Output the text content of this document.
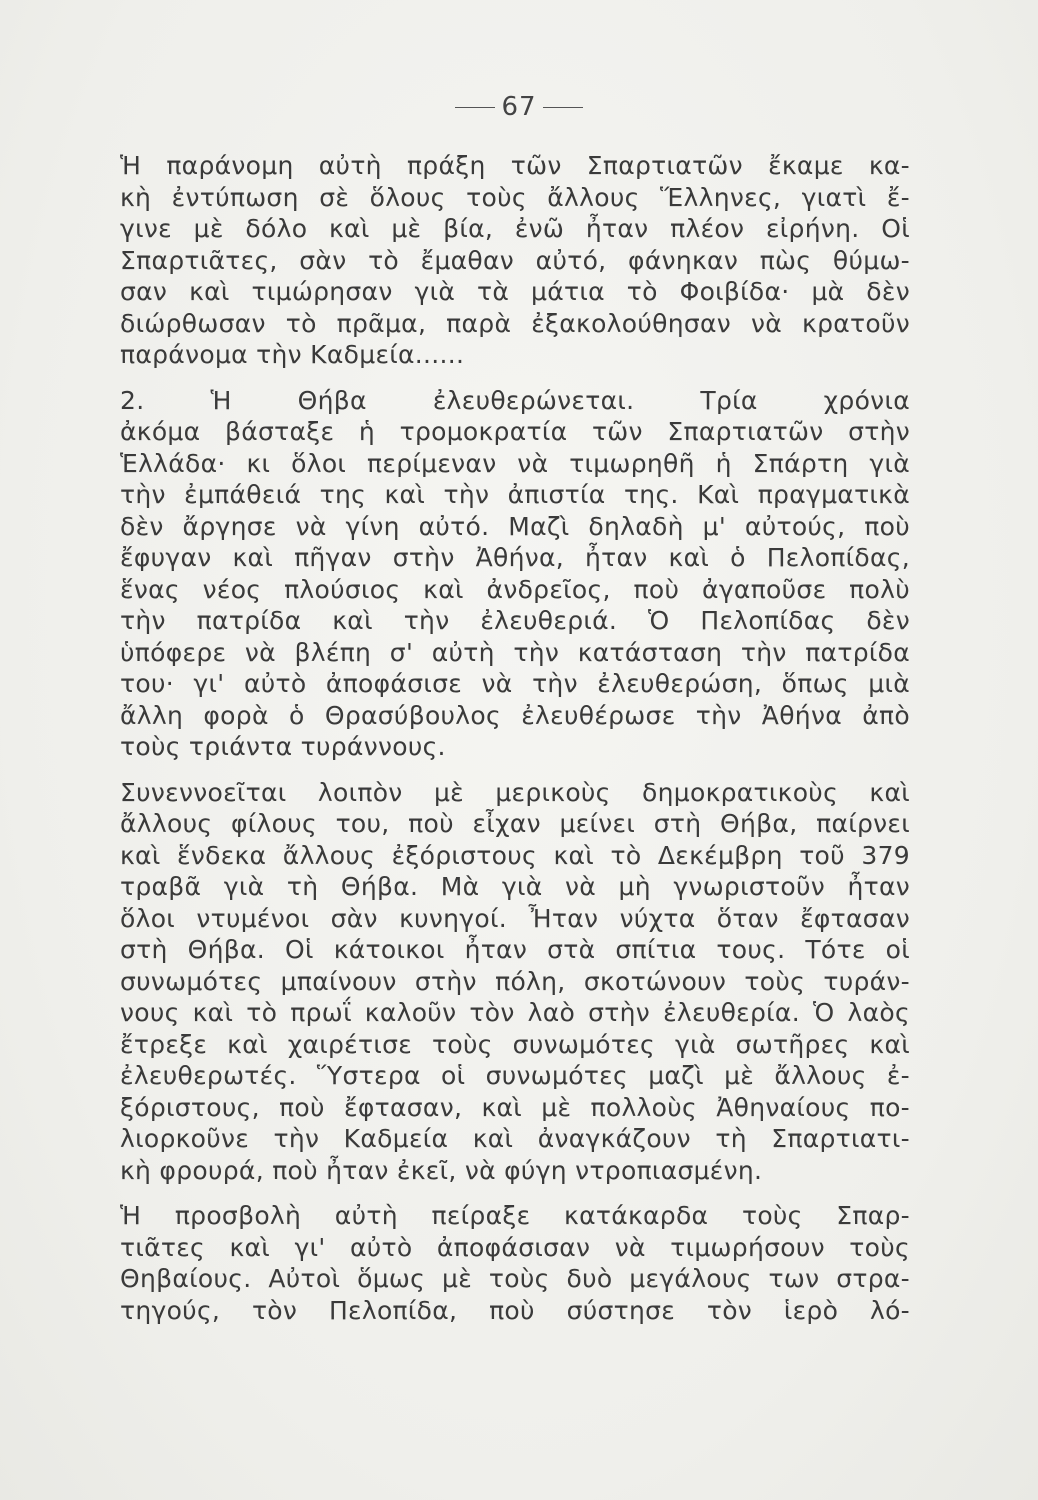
67
Ἡ παράνομη αὐτὴ πράξη τῶν Σπαρτιατῶν ἔκαμε κα-
κὴ ἐντύπωση σὲ ὅλους τοὺς ἄλλους Ἕλληνες, γιατὶ ἔ-
γινε μὲ δόλο καὶ μὲ βία, ἐνῶ ἦταν πλέον εἰρήνη. Οἱ
Σπαρτιᾶτες, σὰν τὸ ἔμαθαν αὐτό, φάνηκαν πὼς θύμω-
σαν καὶ τιμώρησαν γιὰ τὰ μάτια τὸ Φοιβίδα· μὰ δὲν
διώρθωσαν τὸ πρᾶμα, παρὰ ἐξακολούθησαν νὰ κρατοῦν
παράνομα τὴν Καδμεία......
2. Ἡ Θήβα ἐλευθερώνεται. Τρία χρόνια
ἀκόμα βάσταξε ἡ τρομοκρατία τῶν Σπαρτιατῶν στὴν
Ἑλλάδα· κι ὅλοι περίμεναν νὰ τιμωρηθῆ ἡ Σπάρτη γιὰ
τὴν ἐμπάθειά της καὶ τὴν ἀπιστία της. Καὶ πραγματικὰ
δὲν ἄργησε νὰ γίνη αὐτό. Μαζὶ δηλαδὴ μ' αὐτούς, ποὺ
ἔφυγαν καὶ πῆγαν στὴν Ἀθήνα, ἦταν καὶ ὁ Πελοπίδας,
ἕνας νέος πλούσιος καὶ ἀνδρεῖος, ποὺ ἀγαποῦσε πολὺ
τὴν πατρίδα καὶ τὴν ἐλευθεριά. Ὁ Πελοπίδας δὲν
ὑπόφερε νὰ βλέπη σ' αὐτὴ τὴν κατάσταση τὴν πατρίδα
του· γι' αὐτὸ ἀποφάσισε νὰ τὴν ἐλευθερώση, ὅπως μιὰ
ἄλλη φορὰ ὁ Θρασύβουλος ἐλευθέρωσε τὴν Ἀθήνα ἀπὸ
τοὺς τριάντα τυράννους.
Συνεννοεῖται λοιπὸν μὲ μερικοὺς δημοκρατικοὺς καὶ
ἄλλους φίλους του, ποὺ εἶχαν μείνει στὴ Θήβα, παίρνει
καὶ ἕνδεκα ἄλλους ἐξόριστους καὶ τὸ Δεκέμβρη τοῦ 379
τραβᾶ γιὰ τὴ Θήβα. Μὰ γιὰ νὰ μὴ γνωριστοῦν ἦταν
ὅλοι ντυμένοι σὰν κυνηγοί. Ἦταν νύχτα ὅταν ἔφτασαν
στὴ Θήβα. Οἱ κάτοικοι ἦταν στὰ σπίτια τους. Τότε οἱ
συνωμότες μπαίνουν στὴν πόλη, σκοτώνουν τοὺς τυράν-
νους καὶ τὸ πρωΐ καλοῦν τὸν λαὸ στὴν ἐλευθερία. Ὁ λαὸς
ἔτρεξε καὶ χαιρέτισε τοὺς συνωμότες γιὰ σωτῆρες καὶ
ἐλευθερωτές. Ὕστερα οἱ συνωμότες μαζὶ μὲ ἄλλους ἐ-
ξόριστους, ποὺ ἔφτασαν, καὶ μὲ πολλοὺς Ἀθηναίους πο-
λιορκοῦνε τὴν Καδμεία καὶ ἀναγκάζουν τὴ Σπαρτιατι-
κὴ φρουρά, ποὺ ἦταν ἐκεῖ, νὰ φύγη ντροπιασμένη.
Ἡ προσβολὴ αὐτὴ πείραξε κατάκαρδα τοὺς Σπαρ-
τιᾶτες καὶ γι' αὐτὸ ἀποφάσισαν νὰ τιμωρήσουν τοὺς
Θηβαίους. Αὐτοὶ ὅμως μὲ τοὺς δυὸ μεγάλους των στρα-
τηγούς, τὸν Πελοπίδα, ποὺ σύστησε τὸν ἱερὸ λό-
